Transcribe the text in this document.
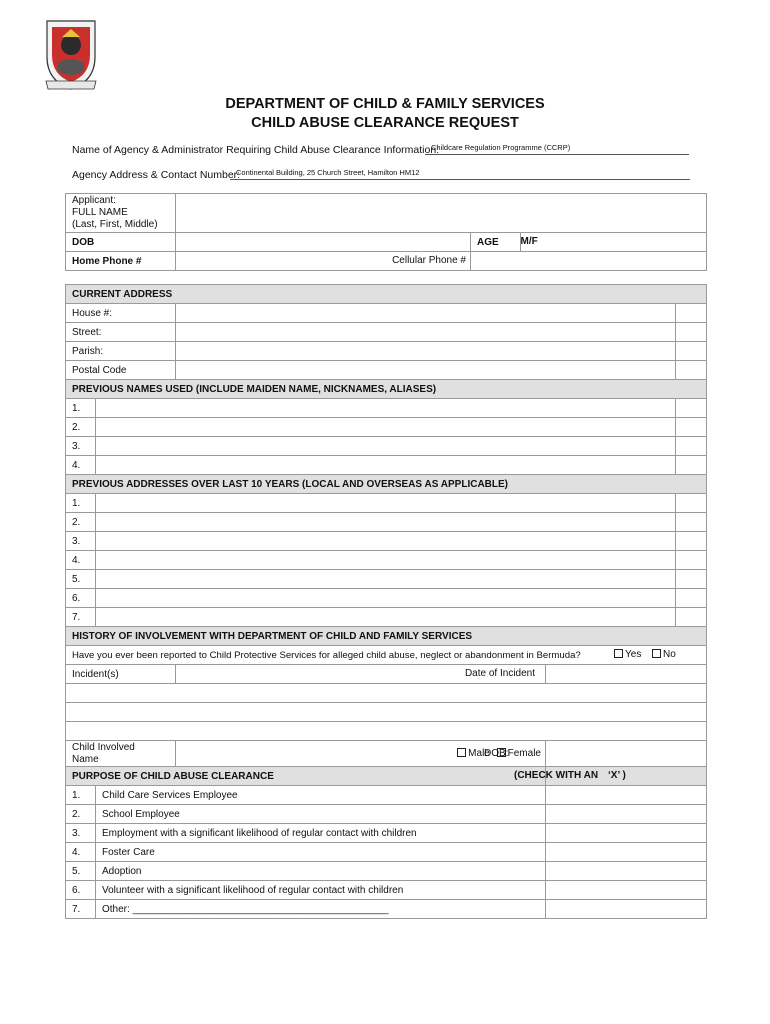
DEPARTMENT OF CHILD & FAMILY SERVICES
CHILD ABUSE CLEARANCE REQUEST
Name of Agency & Administrator Requiring Child Abuse Clearance Information:
Childcare Regulation Programme (CCRP)
Agency Address & Contact Number:
Continental Building, 25 Church Street, Hamilton HM12
Applicant:
FULL NAME
(Last, First, Middle)				

DOB		AGE		M/F

Home Phone #	Cellular Phone #			

CURRENT ADDRESS				
House #:				
Street:				
Parish:				
Postal Code				
PREVIOUS NAMES USED (INCLUDE MAIDEN NAME, NICKNAMES, ALIASES)				
1.				
2.				
3.				
4.				
PREVIOUS ADDRESSES OVER LAST 10 YEARS (LOCAL AND OVERSEAS AS APPLICABLE)				
1.				
2.				
3.				
4.				
5.				
6.				
7.				
HISTORY OF INVOLVEMENT WITH DEPARTMENT OF CHILD AND FAMILY SERVICES				
Have you ever been reported to Child Protective Services for alleged child abuse, neglect or abandonment in Bermuda? Yes No				

Incident(s)		Date of Incident		

Child Involved
Name		Male Female	DOB:	

PURPOSE OF CHILD ABUSE CLEARANCE			(CHECK WITH AN ‘X’ )	

1.	Child Care Services Employee			
2.	School Employee			
3.	Employment with a significant likelihood of regular contact with children			
4.	Foster Care			
5.	Adoption			
6.	Volunteer with a significant likelihood of regular contact with children			
7.	Other: ______________________________________________			
